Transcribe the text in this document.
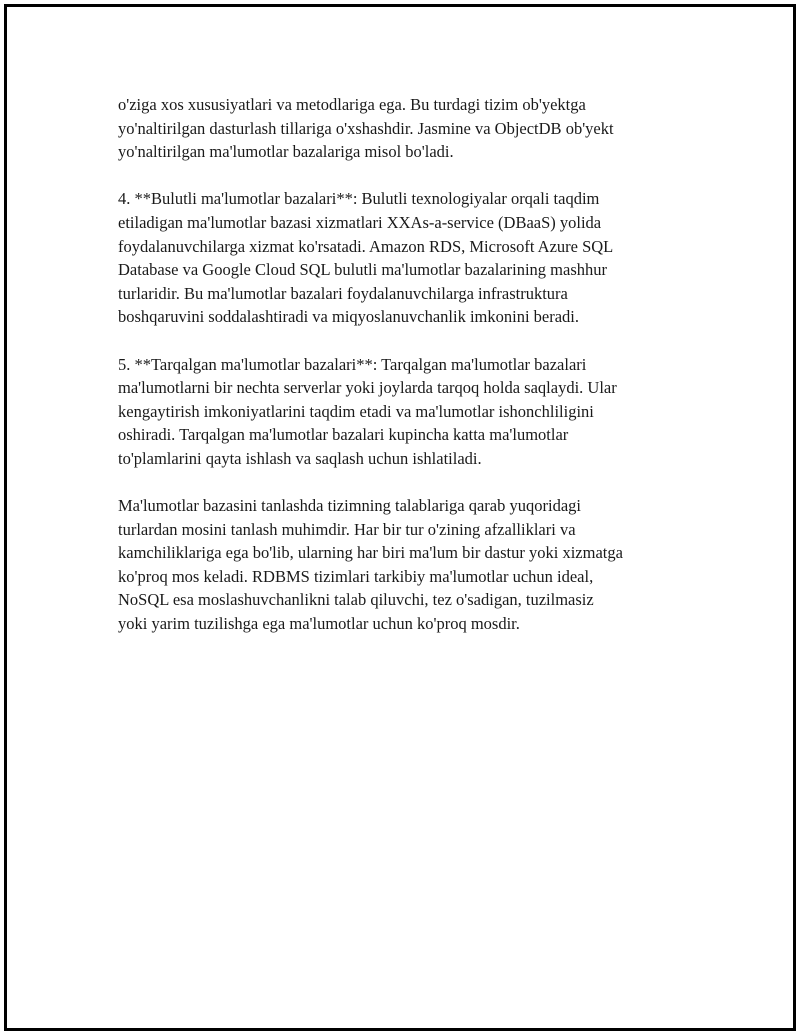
o'ziga xos xususiyatlari va metodlariga ega. Bu turdagi tizim ob'yektga
yo'naltirilgan dasturlash tillariga o'xshashdir. Jasmine va ObjectDB ob'yekt
yo'naltirilgan ma'lumotlar bazalariga misol bo'ladi.

4. **Bulutli ma'lumotlar bazalari**: Bulutli texnologiyalar orqali taqdim
etiladigan ma'lumotlar bazasi xizmatlari XXAs-a-service (DBaaS) yolida
foydalanuvchilarga xizmat ko'rsatadi. Amazon RDS, Microsoft Azure SQL
Database va Google Cloud SQL bulutli ma'lumotlar bazalarining mashhur
turlaridir. Bu ma'lumotlar bazalari foydalanuvchilarga infrastruktura
boshqaruvini soddalashtiradi va miqyoslanuvchanlik imkonini beradi.

5. **Tarqalgan ma'lumotlar bazalari**: Tarqalgan ma'lumotlar bazalari
ma'lumotlarni bir nechta serverlar yoki joylarda tarqoq holda saqlaydi. Ular
kengaytirish imkoniyatlarini taqdim etadi va ma'lumotlar ishonchliligini
oshiradi. Tarqalgan ma'lumotlar bazalari kupincha katta ma'lumotlar
to'plamlarini qayta ishlash va saqlash uchun ishlatiladi.

Ma'lumotlar bazasini tanlashda tizimning talablariga qarab yuqoridagi
turlardan mosini tanlash muhimdir. Har bir tur o'zining afzalliklari va
kamchiliklariga ega bo'lib, ularning har biri ma'lum bir dastur yoki xizmatga
ko'proq mos keladi. RDBMS tizimlari tarkibiy ma'lumotlar uchun ideal,
NoSQL esa moslashuvchanlikni talab qiluvchi, tez o'sadigan, tuzilmasiz
yoki yarim tuzilishga ega ma'lumotlar uchun ko'proq mosdir.
